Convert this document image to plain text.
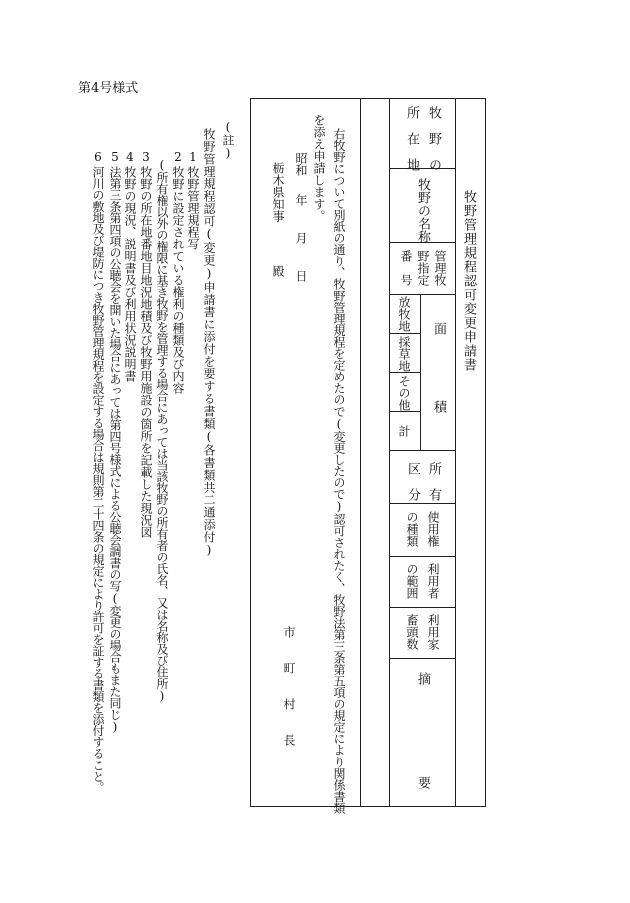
第4号様式
牧野管理規程認可変更申請書
牧　野　の
所　在　地
牧野の名称
管理牧
野指定
番　号
面　　　　　積
放牧地
採草地
その他
計
所　有
区　分
使用権
の種類
利用者
の範囲
利用家
畜頭数
摘
要
右牧野について別紙の通り、牧野管理規程を定めたので(変更したので)認可されたく、牧野法第三条第五項の規定により関係書類
を添え申請します。
昭和
年
月
日
栃木県知事
殿
市　　町　　村　　長
(註)
牧野管理規程認可(変更)申請書に添付を要する書類(各書類共二通添付)
1
牧野管理規程写
2
牧野に設定されている権利の種類及び内容
(所有権以外の権限に基き牧野を管理する場合にあっては当該牧野の所有者の氏名、又は名称及び住所)
3
牧野の所在地番地目地況地積及び牧野用施設の箇所を記載した現況図
4
牧野の現況、説明書及び利用状況説明書
5
法第三条第四項の公聴会を開いた場合にあっては第四号様式による公聴会調書の写(変更の場合もまた同じ)
6
河川の敷地及び堤防につき牧野管理規程を設定する場合は規則第二十四条の規定により許可を証する書類を添付すること。
